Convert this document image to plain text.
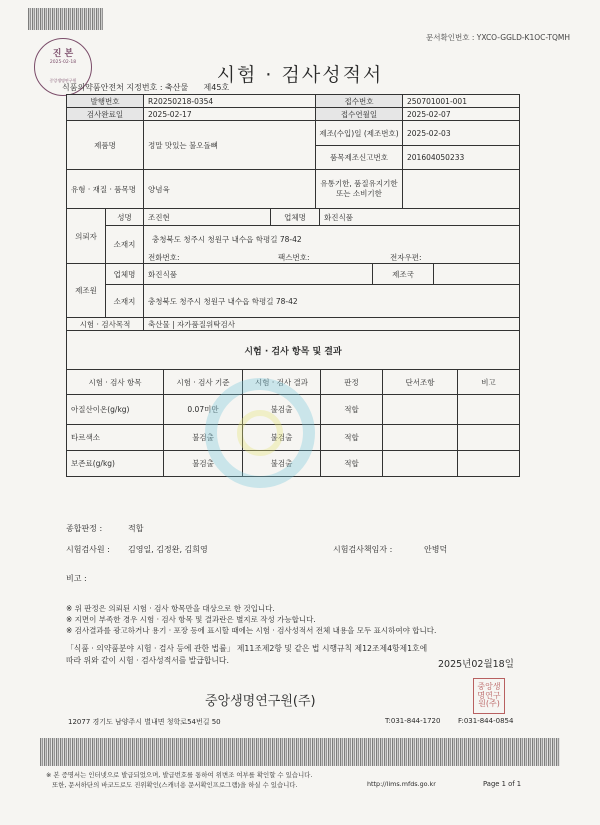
문서확인번호 : YXCO-GGLD-K1OC-TQMH
진 본
2025-02-18
중앙생명연구원	시험 · 검사성적서
식품의약품안전처 지정번호 : 축산물 제45호
발행번호	R20250218-0354	접수번호	250701001-001
검사완료일	2025-02-17	접수연월일	2025-02-07
제품명	정말 맛있는 불오돌뼈
제조(수입)일 (제조번호)	2025-02-03
품목제조신고번호	201604050233
유형 · 재질 · 품목명	양념육
유통기한, 품질유지기한
또는 소비기한
의뢰자
성명	조진현	업체명	화진식품
소재지
충청북도 청주시 청원구 내수읍 학평길 78-42
전화번호:	팩스번호:	전자우편:
제조원
업체명	화진식품	제조국
소재지	충청북도 청주시 청원구 내수읍 학평길 78-42
시험 · 검사목적	축산물 | 자가품질위탁검사
시험 · 검사 항목 및 결과
시험 · 검사 항목	시험 · 검사 기준	시험 · 검사 결과	판정	단서조항	비고
아질산이온(g/kg)	0.07미만	불검출	적합
타르색소	불검출	불검출	적합
보존료(g/kg)	불검출	불검출	적합
종합판정 :	적합
시험검사원 : 김영일, 김정완, 김희영	시험검사책임자 :	안병덕
비고 :
※ 위 판정은 의뢰된 시험 · 검사 항목만을 대상으로 한 것입니다.
※ 지면이 부족한 경우 시험 · 검사 항목 및 결과란은 별지로 작성 가능합니다.
※ 검사결과를 광고하거나 용기 · 포장 등에 표시할 때에는 시험 · 검사성적서 전체 내용을 모두 표시하여야 합니다.
「식품 · 의약품분야 시험 · 검사 등에 관한 법률」 제11조제2항 및 같은 법 시행규칙 제12조제4항제1호에
따라 위와 같이 시험 · 검사성적서를 발급합니다.	2025년02월18일
중앙생명연구원(주)
중앙생
명연구
원(주)
12077 경기도 남양주시 별내면 청학로54번길 50	T:031-844-1720	F:031-844-0854
※ 본 증명서는 인터넷으로 발급되었으며, 발급번호를 통하여 위변조 여부를 확인할 수 있습니다.
또한, 문서하단의 바코드로도 진위확인(스캐너용 문서확인프로그램)을 하실 수 있습니다.	http://lims.mfds.go.kr	Page 1 of 1
